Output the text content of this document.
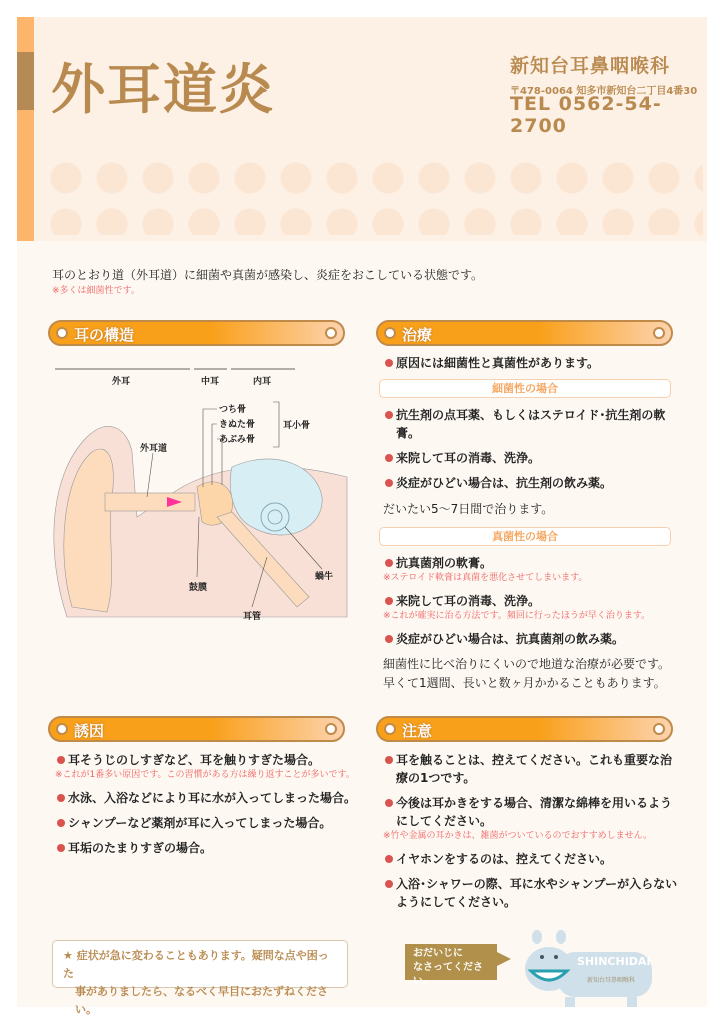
外耳道炎	新知台耳鼻咽喉科
〒478-0064 知多市新知台二丁目4番30
TEL 0562-54-2700
耳のとおり道（外耳道）に細菌や真菌が感染し、炎症をおこしている状態です。
※多くは細菌性です。
耳の構造
外耳	中耳	内耳
つち骨
きぬた骨
あぶみ骨
耳小骨
外耳道
鼓膜
蝸牛
耳管
治療
原因には細菌性と真菌性があります。
細菌性の場合
抗生剤の点耳薬、もしくはステロイド･抗生剤の軟膏。
来院して耳の消毒、洗浄。
炎症がひどい場合は、抗生剤の飲み薬。
だいたい5〜7日間で治ります。
真菌性の場合
抗真菌剤の軟膏。
※ステロイド軟膏は真菌を悪化させてしまいます。
来院して耳の消毒、洗浄。
※これが確実に治る方法です。頻回に行ったほうが早く治ります。
炎症がひどい場合は、抗真菌剤の飲み薬。
細菌性に比べ治りにくいので地道な治療が必要です。
早くて1週間、長いと数ヶ月かかることもあります。
誘因
耳そうじのしすぎなど、耳を触りすぎた場合。
※これが1番多い原因です。この習慣がある方は繰り返すことが多いです。
水泳、入浴などにより耳に水が入ってしまった場合。
シャンプーなど薬剤が耳に入ってしまった場合。
耳垢のたまりすぎの場合。
注意
耳を触ることは、控えてください。これも重要な治療の1つです。
今後は耳かきをする場合、清潔な綿棒を用いるようにしてください。
※竹や金属の耳かきは、雑菌がついているのでおすすめしません。
イヤホンをするのは、控えてください。
入浴･シャワーの際、耳に水やシャンプーが入らないようにしてください。
★ 症状が急に変わることもあります。疑問な点や困った
事がありましたら、なるべく早目におたずねください。
おだいじに
なさってください。
SHINCHIDAI
新知台耳鼻咽喉科
